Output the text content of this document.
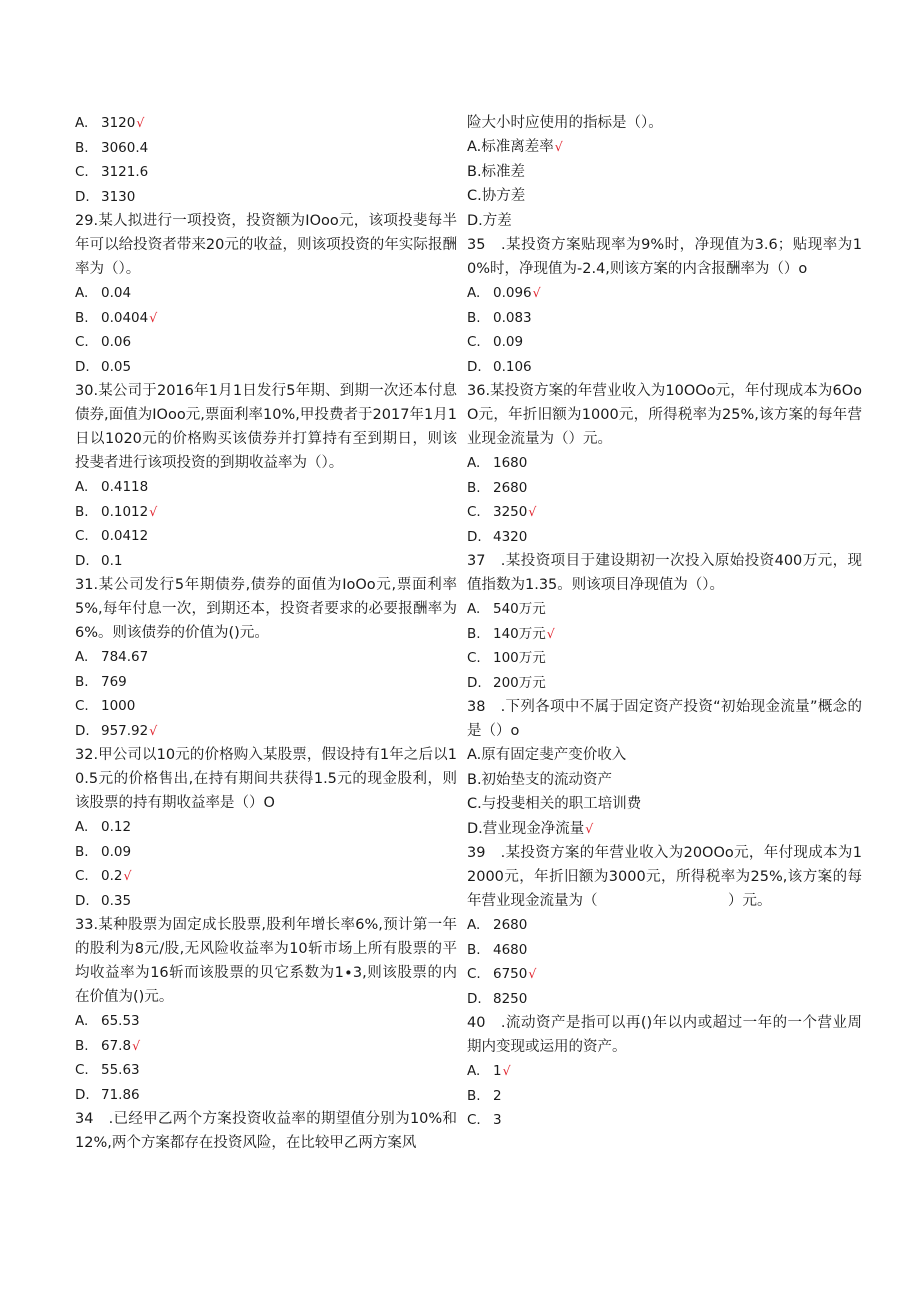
A. 3120√
B. 3060.4
C. 3121.6
D. 3130

29.某人拟进行一项投资，投资额为IOoo元，该项投斐每半年可以给投资者带来20元的收益，则该项投资的年实际报酬率为（）。

A. 0.04
B. 0.0404√
C. 0.06
D. 0.05

30.某公司于2016年1月1日发行5年期、到期一次还本付息债券,面值为IOoo元,票面利率10%,甲投费者于2017年1月1日以1020元的价格购买该债券并打算持有至到期日，则该投斐者进行该项投资的到期收益率为（）。

A. 0.4118
B. 0.1012√
C. 0.0412
D. 0.1

31.某公司发行5年期债券,债券的面值为IoOo元,票面利率5%,每年付息一次，到期还本，投资者要求的必要报酬率为6%。则该债券的价值为()元。

A. 784.67
B. 769
C. 1000
D. 957.92√

32.甲公司以10元的价格购入某股票，假设持有1年之后以10.5元的价格售出,在持有期间共获得1.5元的现金股利，则该股票的持有期收益率是（）O

A. 0.12
B. 0.09
C. 0.2√
D. 0.35

33.某种股票为固定成长股票,股利年增长率6%,预计第一年的股利为8元/股,无风险收益率为10斩市场上所有股票的平均收益率为16斩而该股票的贝它系数为1∙3,则该股票的内在价值为()元。

A. 65.53
B. 67.8√
C. 55.63
D. 71.86

34　.已经甲乙两个方案投资收益率的期望值分别为10%和12%,两个方案都存在投资风险，在比较甲乙两方案风

险大小时应使用的指标是（）。

A.标准离差率√
B.标准差
C.协方差
D.方差

35　.某投资方案贴现率为9%时，净现值为3.6；贴现率为10%时，净现值为-2.4,则该方案的内含报酬率为（）o

A. 0.096√
B. 0.083
C. 0.09
D. 0.106

36.某投资方案的年营业收入为10OOo元，年付现成本为6OoO元，年折旧额为1000元，所得税率为25%,该方案的每年营业现金流量为（）元。

A. 1680
B. 2680
C. 3250√
D. 4320

37　.某投资项目于建设期初一次投入原始投资400万元，现值指数为1.35。则该项目净现值为（）。

A. 540万元
B. 140万元√
C. 100万元
D. 200万元

38　.下列各项中不属于固定资产投资“初始现金流量”概念的是（）o

A.原有固定斐产变价收入
B.初始垫支的流动资产
C.与投斐相关的职工培训费
D.营业现金净流量√

39　.某投资方案的年营业收入为20OOo元，年付现成本为12000元，年折旧额为3000元，所得税率为25%,该方案的每年营业现金流量为（　　　　　　　　　）元。

A. 2680
B. 4680
C. 6750√
D. 8250

40　.流动资产是指可以再()年以内或超过一年的一个营业周期内变现或运用的资产。

A. 1√
B. 2
C. 3
